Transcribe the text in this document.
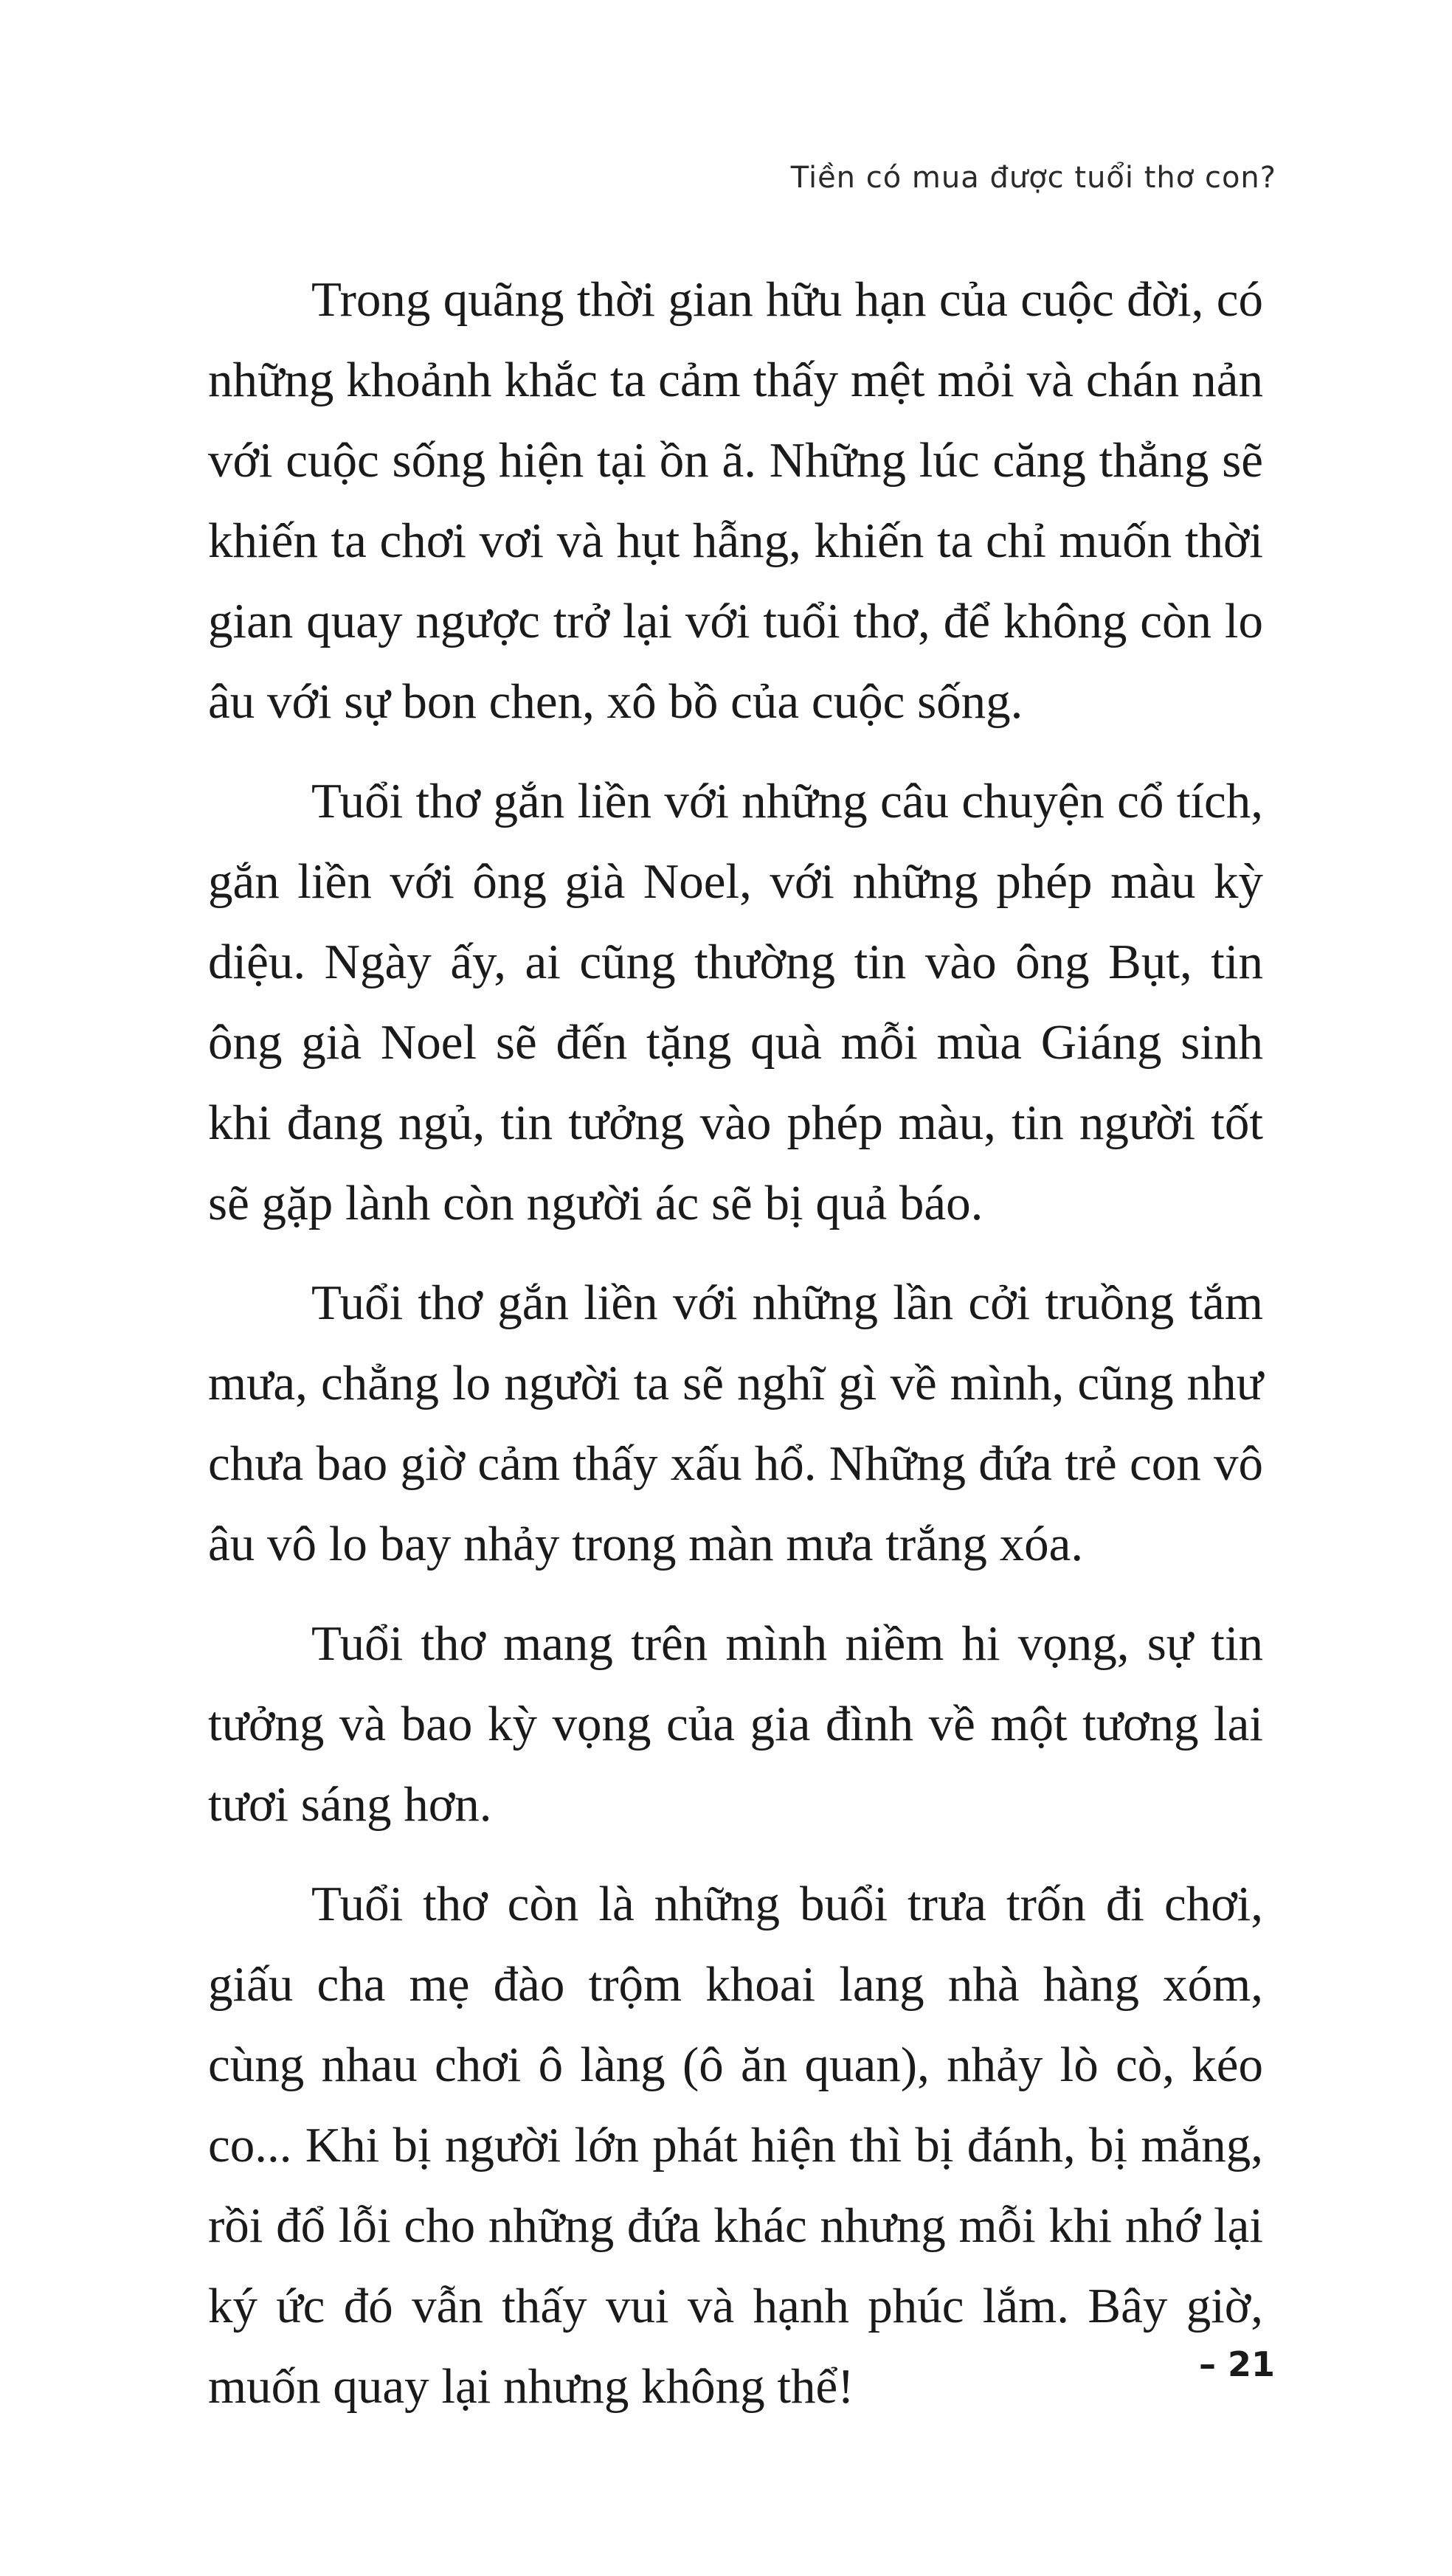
Tiền có mua được tuổi thơ con?

Trong quãng thời gian hữu hạn của cuộc đời, có những khoảnh khắc ta cảm thấy mệt mỏi và chán nản với cuộc sống hiện tại ồn ã. Những lúc căng thẳng sẽ khiến ta chơi vơi và hụt hẫng, khiến ta chỉ muốn thời gian quay ngược trở lại với tuổi thơ, để không còn lo âu với sự bon chen, xô bồ của cuộc sống.

Tuổi thơ gắn liền với những câu chuyện cổ tích, gắn liền với ông già Noel, với những phép màu kỳ diệu. Ngày ấy, ai cũng thường tin vào ông Bụt, tin ông già Noel sẽ đến tặng quà mỗi mùa Giáng sinh khi đang ngủ, tin tưởng vào phép màu, tin người tốt sẽ gặp lành còn người ác sẽ bị quả báo.

Tuổi thơ gắn liền với những lần cởi truồng tắm mưa, chẳng lo người ta sẽ nghĩ gì về mình, cũng như chưa bao giờ cảm thấy xấu hổ. Những đứa trẻ con vô âu vô lo bay nhảy trong màn mưa trắng xóa.

Tuổi thơ mang trên mình niềm hi vọng, sự tin tưởng và bao kỳ vọng của gia đình về một tương lai tươi sáng hơn.

Tuổi thơ còn là những buổi trưa trốn đi chơi, giấu cha mẹ đào trộm khoai lang nhà hàng xóm, cùng nhau chơi ô làng (ô ăn quan), nhảy lò cò, kéo co... Khi bị người lớn phát hiện thì bị đánh, bị mắng, rồi đổ lỗi cho những đứa khác nhưng mỗi khi nhớ lại ký ức đó vẫn thấy vui và hạnh phúc lắm. Bây giờ, muốn quay lại nhưng không thể!	– 21
